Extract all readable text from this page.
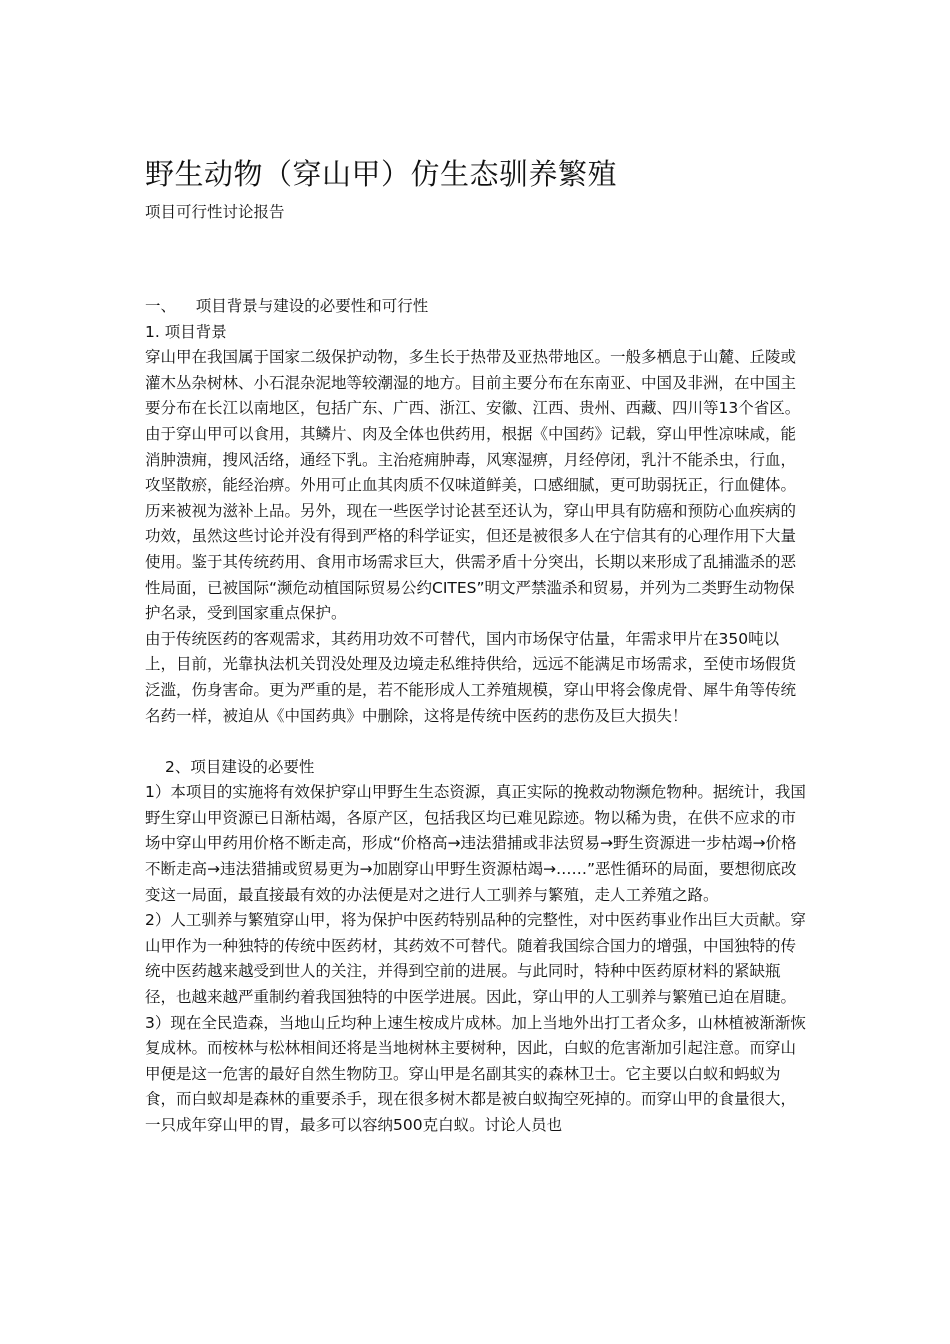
野生动物（穿山甲）仿生态驯养繁殖
项目可行性讨论报告

一、    项目背景与建设的必要性和可行性

1. 项目背景

穿山甲在我国属于国家二级保护动物，多生长于热带及亚热带地区。一般多栖息于山麓、丘陵或灌木丛杂树林、小石混杂泥地等较潮湿的地方。目前主要分布在东南亚、中国及非洲，在中国主要分布在长江以南地区，包括广东、广西、浙江、安徽、江西、贵州、西藏、四川等13个省区。

由于穿山甲可以食用，其鳞片、肉及全体也供药用，根据《中国药》记载，穿山甲性凉味咸，能消肿溃痈，搜风活络，通经下乳。主治疮痈肿毒，风寒湿痹，月经停闭，乳汁不能杀虫，行血，攻坚散瘀，能经治痹。外用可止血其肉质不仅味道鲜美，口感细腻，更可助弱抚正，行血健体。历来被视为滋补上品。另外，现在一些医学讨论甚至还认为，穿山甲具有防癌和预防心血疾病的功效，虽然这些讨论并没有得到严格的科学证实，但还是被很多人在宁信其有的心理作用下大量使用。鉴于其传统药用、食用市场需求巨大，供需矛盾十分突出，长期以来形成了乱捕滥杀的恶性局面，已被国际“濒危动植国际贸易公约CITES”明文严禁滥杀和贸易，并列为二类野生动物保护名录，受到国家重点保护。

由于传统医药的客观需求，其药用功效不可替代，国内市场保守估量，年需求甲片在350吨以上，目前，光靠执法机关罚没处理及边境走私维持供给，远远不能满足市场需求，至使市场假货泛滥，伤身害命。更为严重的是，若不能形成人工养殖规模，穿山甲将会像虎骨、犀牛角等传统名药一样，被迫从《中国药典》中删除，这将是传统中医药的悲伤及巨大损失！

2、项目建设的必要性

1）本项目的实施将有效保护穿山甲野生生态资源，真正实际的挽救动物濒危物种。据统计，我国野生穿山甲资源已日渐枯竭，各原产区，包括我区均已难见踪迹。物以稀为贵，在供不应求的市场中穿山甲药用价格不断走高，形成“价格高→违法猎捕或非法贸易→野生资源进一步枯竭→价格不断走高→违法猎捕或贸易更为→加剧穿山甲野生资源枯竭→……”恶性循环的局面，要想彻底改变这一局面，最直接最有效的办法便是对之进行人工驯养与繁殖，走人工养殖之路。

2）人工驯养与繁殖穿山甲，将为保护中医药特别品种的完整性，对中医药事业作出巨大贡献。穿山甲作为一种独特的传统中医药材，其药效不可替代。随着我国综合国力的增强，中国独特的传统中医药越来越受到世人的关注，并得到空前的进展。与此同时，特种中医药原材料的紧缺瓶径，也越来越严重制约着我国独特的中医学进展。因此，穿山甲的人工驯养与繁殖已迫在眉睫。

3）现在全民造森，当地山丘均种上速生桉成片成林。加上当地外出打工者众多，山林植被渐渐恢复成林。而桉林与松林相间还将是当地树林主要树种，因此，白蚁的危害渐加引起注意。而穿山甲便是这一危害的最好自然生物防卫。穿山甲是名副其实的森林卫士。它主要以白蚁和蚂蚁为食，而白蚁却是森林的重要杀手，现在很多树木都是被白蚁掏空死掉的。而穿山甲的食量很大，一只成年穿山甲的胃，最多可以容纳500克白蚁。讨论人员也
